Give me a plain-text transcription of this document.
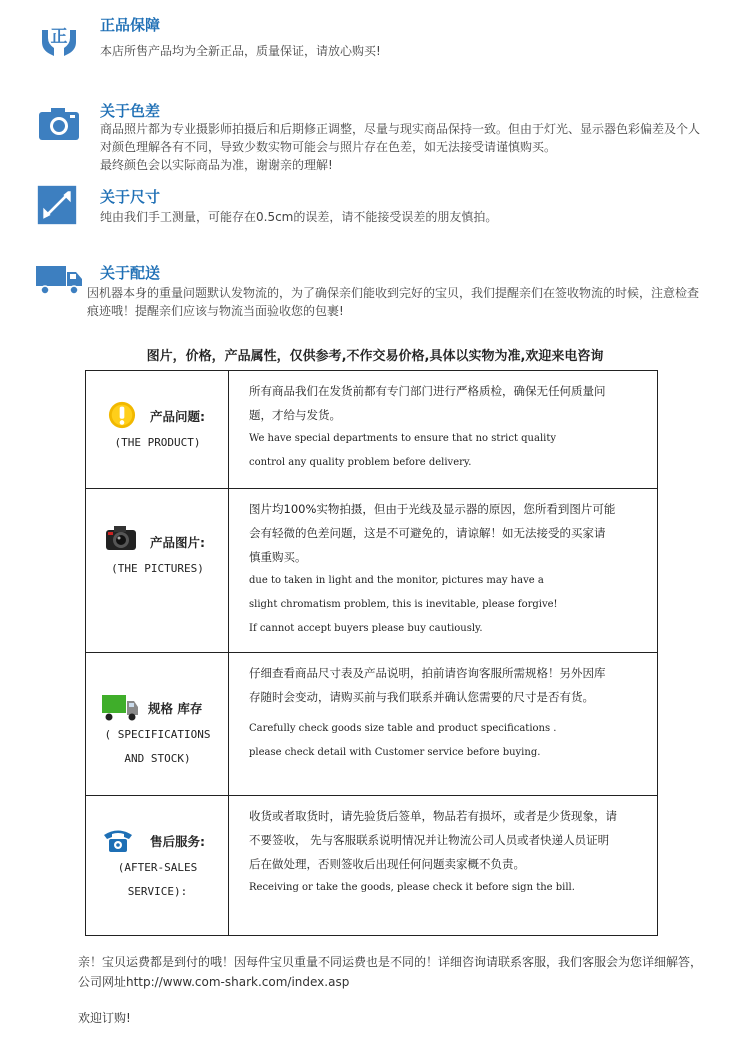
正
正品保障
本店所售产品均为全新正品，质量保证，请放心购买!
关于色差
商品照片都为专业摄影师拍摄后和后期修正调整，尽量与现实商品保持一致。但由于灯光、显示器色彩偏差及个人
对颜色理解各有不同，导致少数实物可能会与照片存在色差，如无法接受请谨慎购买。
最终颜色会以实际商品为准，谢谢亲的理解!
关于尺寸
纯由我们手工测量，可能存在0.5cm的误差，请不能接受误差的朋友慎拍。
关于配送
因机器本身的重量问题默认发物流的，为了确保亲们能收到完好的宝贝，我们提醒亲们在签收物流的时候，注意检查
痕迹哦！提醒亲们应该与物流当面验收您的包裹!
图片，价格，产品属性，仅供参考,不作交易价格,具体以实物为准,欢迎来电咨询
产品问题:
(THE PRODUCT)
所有商品我们在发货前都有专门部门进行严格质检，确保无任何质量问
题，才给与发货。
We have special departments to ensure that no strict quality
control any quality problem before delivery.
产品图片:
(THE PICTURES)
图片均100%实物拍摄，但由于光线及显示器的原因，您所看到图片可能
会有轻微的色差问题，这是不可避免的，请谅解！如无法接受的买家请
慎重购买。
due to taken in light and the monitor, pictures may have a
slight chromatism problem, this is inevitable, please forgive!
If cannot accept buyers please buy cautiously.
规格 库存
( SPECIFICATIONS
AND STOCK)
仔细查看商品尺寸表及产品说明，拍前请咨询客服所需规格！另外因库
存随时会变动，请购买前与我们联系并确认您需要的尺寸是否有货。
Carefully check goods size table and product specifications .
please check detail with Customer service before buying.
售后服务:
(AFTER-SALES
SERVICE):
收货或者取货时，请先验货后签单，物品若有损坏，或者是少货现象，请
不要签收， 先与客服联系说明情况并让物流公司人员或者快递人员证明
后在做处理，否则签收后出现任何问题卖家概不负责。
Receiving or take the goods, please check it before sign the bill.
亲！宝贝运费都是到付的哦！因每件宝贝重量不同运费也是不同的！详细咨询请联系客服，我们客服会为您详细解答，
公司网址http://www.com-shark.com/index.asp
欢迎订购!
